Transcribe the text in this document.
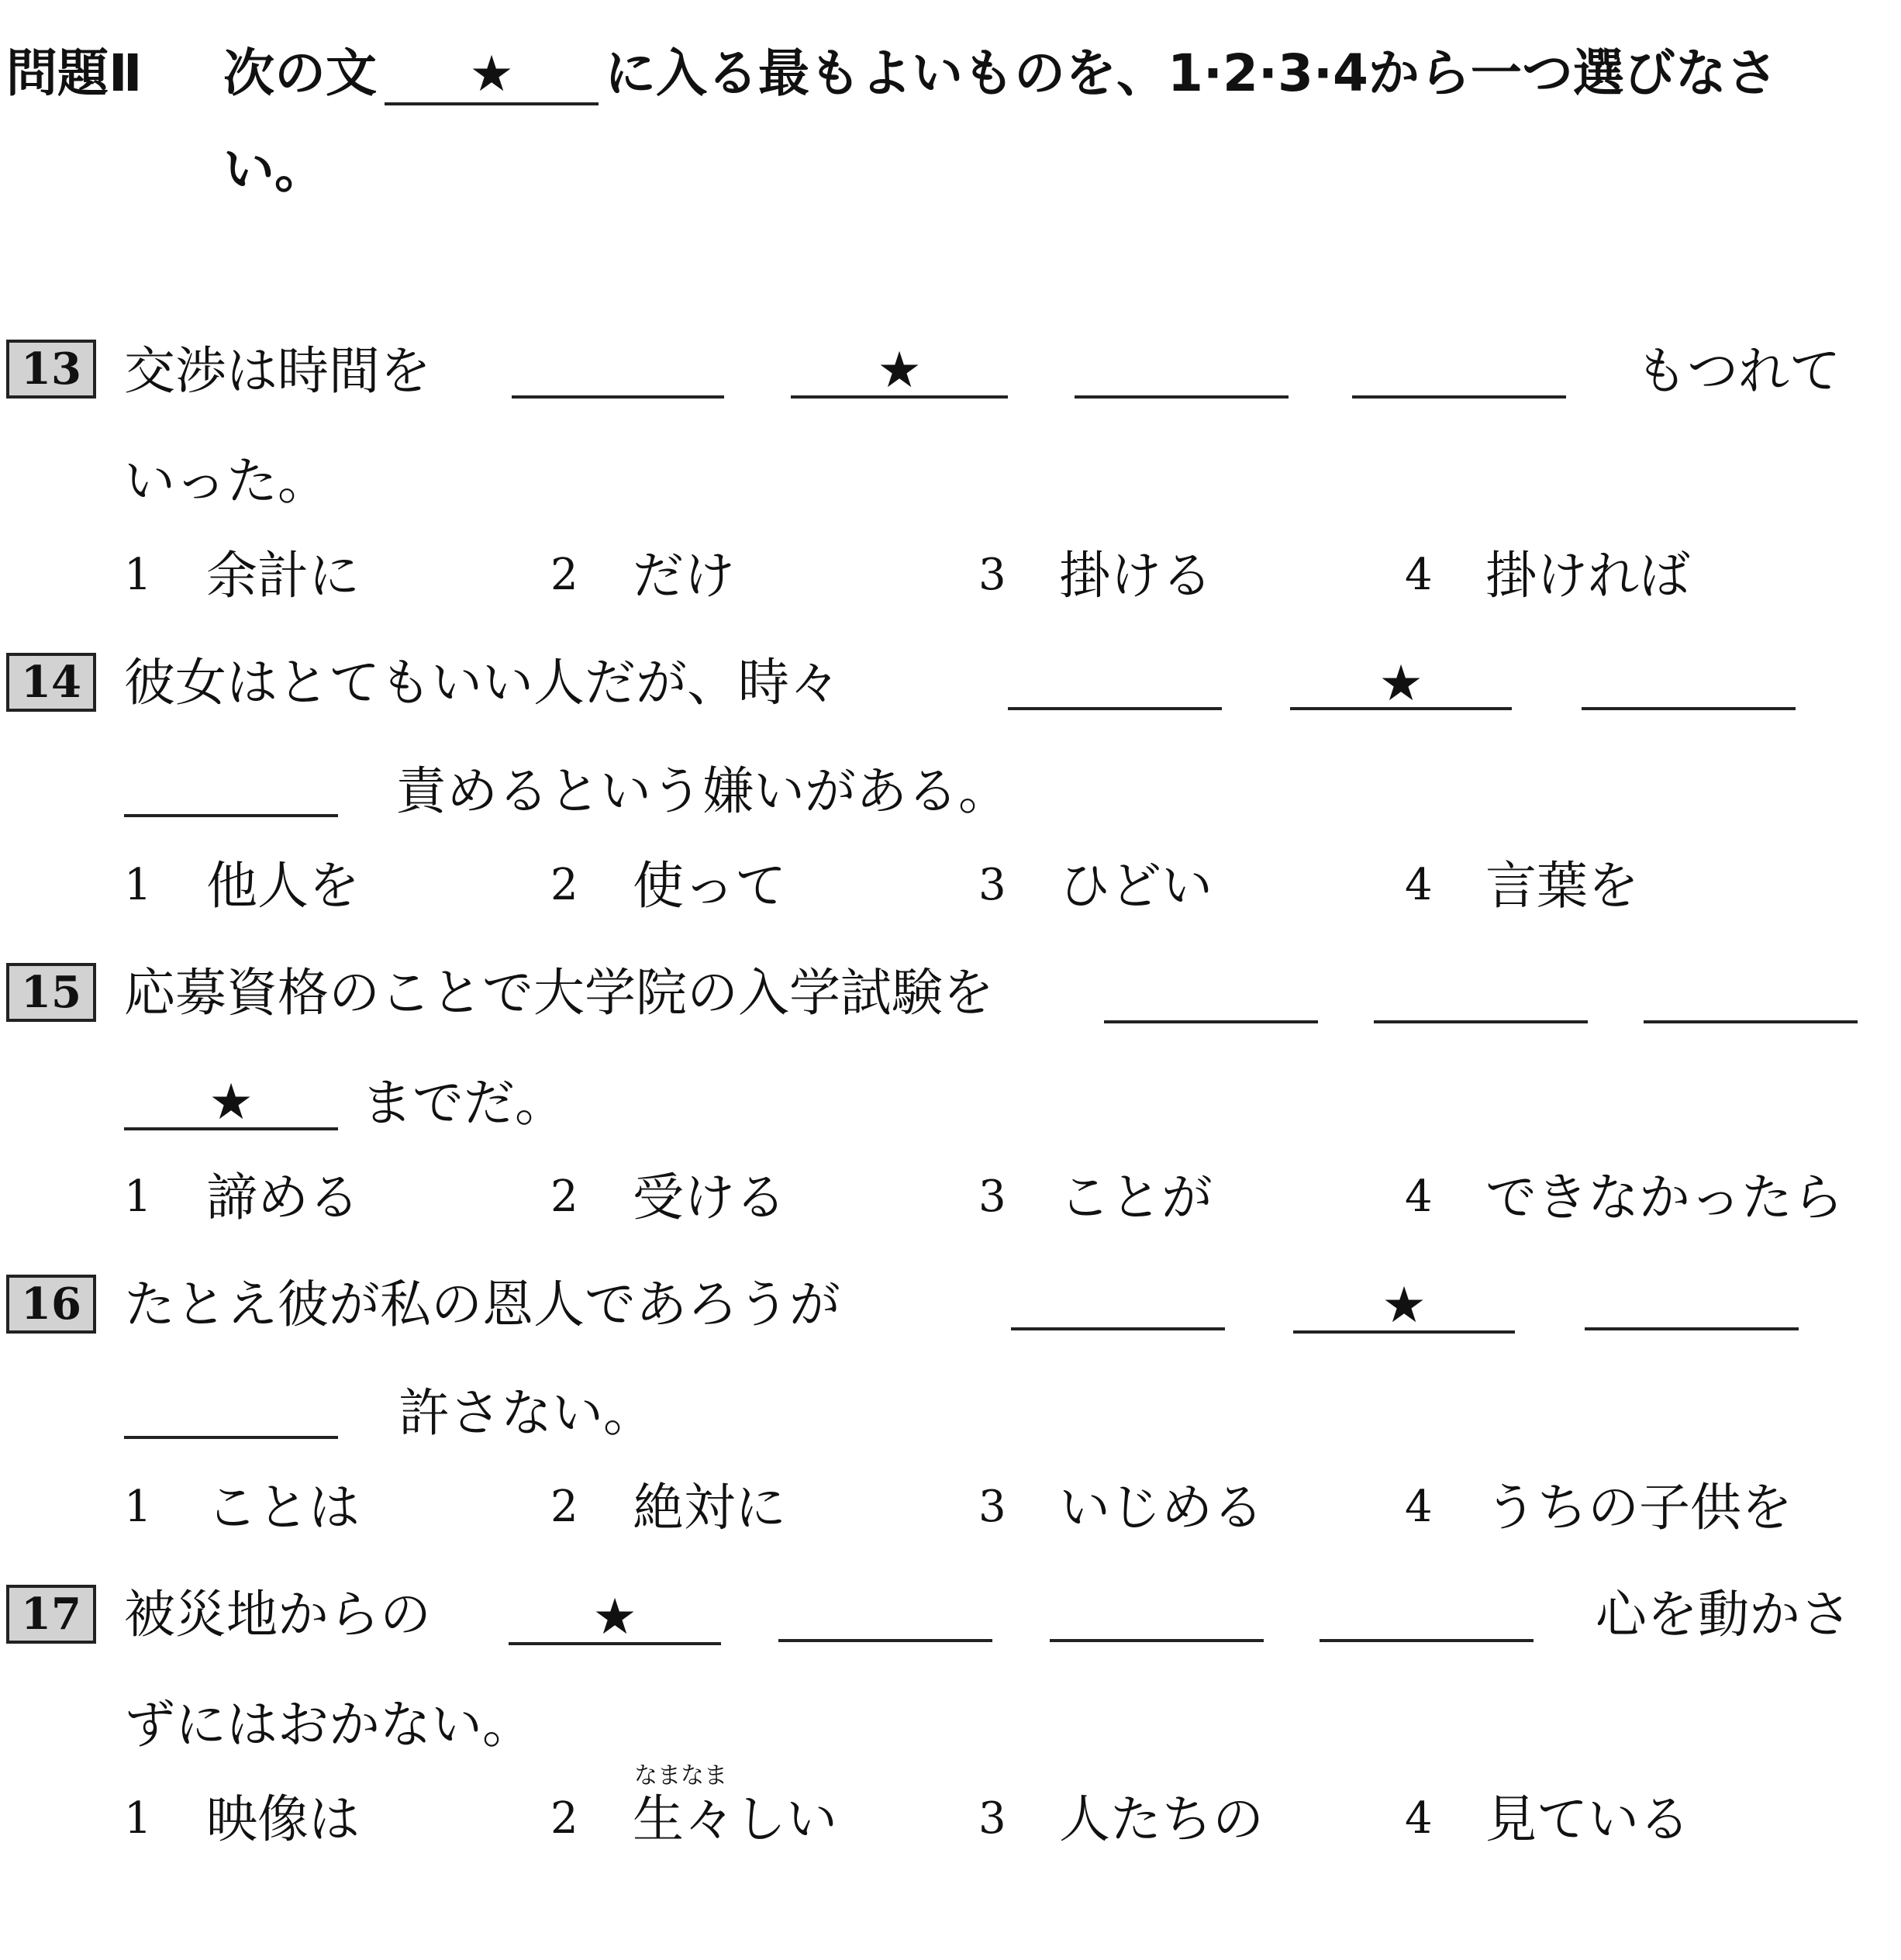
問題Ⅱ 次の文	★	に入る最もよいものを、1·2·3·4から一つ選びなさ
い。
13 交渉は時間を	★	もつれて
いった。
1 余計に	2 だけ	3 掛ける	4 掛ければ
14 彼女はとてもいい人だが、時々	★
責めるという嫌いがある。
1 他人を	2 使って	3 ひどい	4 言葉を
15 応募資格のことで大学院の入学試験を
★	までだ。
1 諦める	2 受ける	3 ことが	4 できなかったら
16 たとえ彼が私の恩人であろうが	★
許さない。
1 ことは	2 絶対に	3 いじめる	4 うちの子供を
17 被災地からの	★	心を動かさ
ずにはおかない。
1 映像は	2
なまなま
生々しい	3 人たちの	4 見ている
